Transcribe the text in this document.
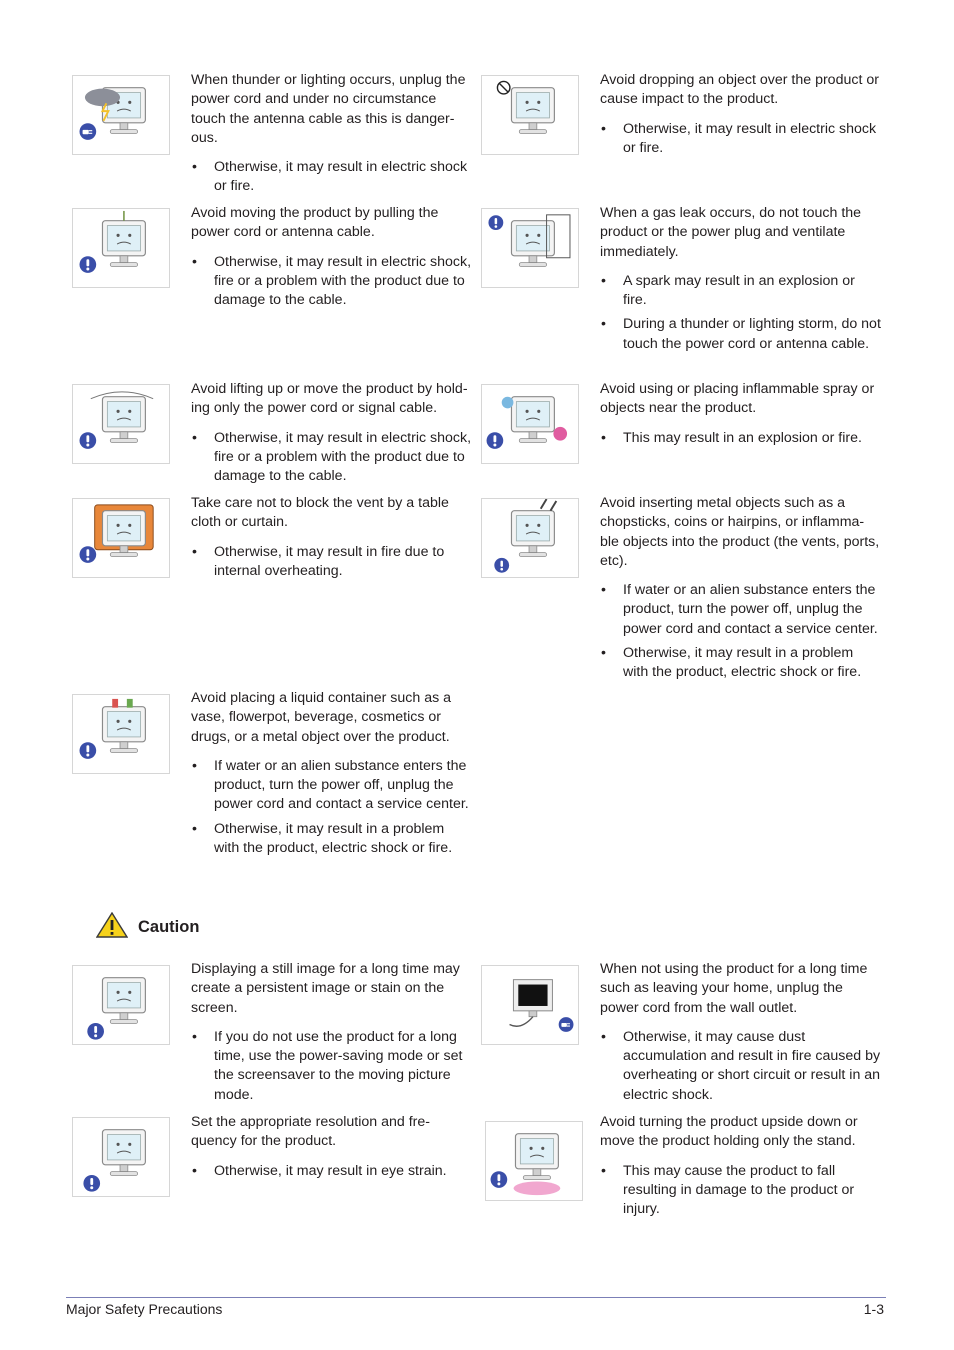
When thunder or lighting occurs, unplug the power cord and under no circumstance touch the antenna cable as this is danger-ous.

• Otherwise, it may result in electric shock or fire.

Avoid moving the product by pulling the power cord or antenna cable.

• Otherwise, it may result in electric shock, fire or a problem with the product due to damage to the cable.

Avoid lifting up or move the product by hold-ing only the power cord or signal cable.

• Otherwise, it may result in electric shock, fire or a problem with the product due to damage to the cable.

Take care not to block the vent by a table cloth or curtain.

• Otherwise, it may result in fire due to internal overheating.

Avoid placing a liquid container such as a vase, flowerpot, beverage, cosmetics or drugs, or a metal object over the product.

• If water or an alien substance enters the product, turn the power off, unplug the power cord and contact a service center.
• Otherwise, it may result in a problem with the product, electric shock or fire.

Avoid dropping an object over the product or cause impact to the product.

• Otherwise, it may result in electric shock or fire.

When a gas leak occurs, do not touch the product or the power plug and ventilate immediately.

• A spark may result in an explosion or fire.
• During a thunder or lighting storm, do not touch the power cord or antenna cable.

Avoid using or placing inflammable spray or objects near the product.

• This may result in an explosion or fire.

Avoid inserting metal objects such as a chopsticks, coins or hairpins, or inflamma-ble objects into the product (the vents, ports, etc).

• If water or an alien substance enters the product, turn the power off, unplug the power cord and contact a service center.
• Otherwise, it may result in a problem with the product, electric shock or fire.
Caution

Displaying a still image for a long time may create a persistent image or stain on the screen.

• If you do not use the product for a long time, use the power-saving mode or set the screensaver to the moving picture mode.

Set the appropriate resolution and fre-quency for the product.

• Otherwise, it may result in eye strain.

When not using the product for a long time such as leaving your home, unplug the power cord from the wall outlet.

• Otherwise, it may cause dust accumulation and result in fire caused by overheating or short circuit or result in an electric shock.

Avoid turning the product upside down or move the product holding only the stand.

• This may cause the product to fall resulting in damage to the product or injury.
Major Safety Precautions	1-3
